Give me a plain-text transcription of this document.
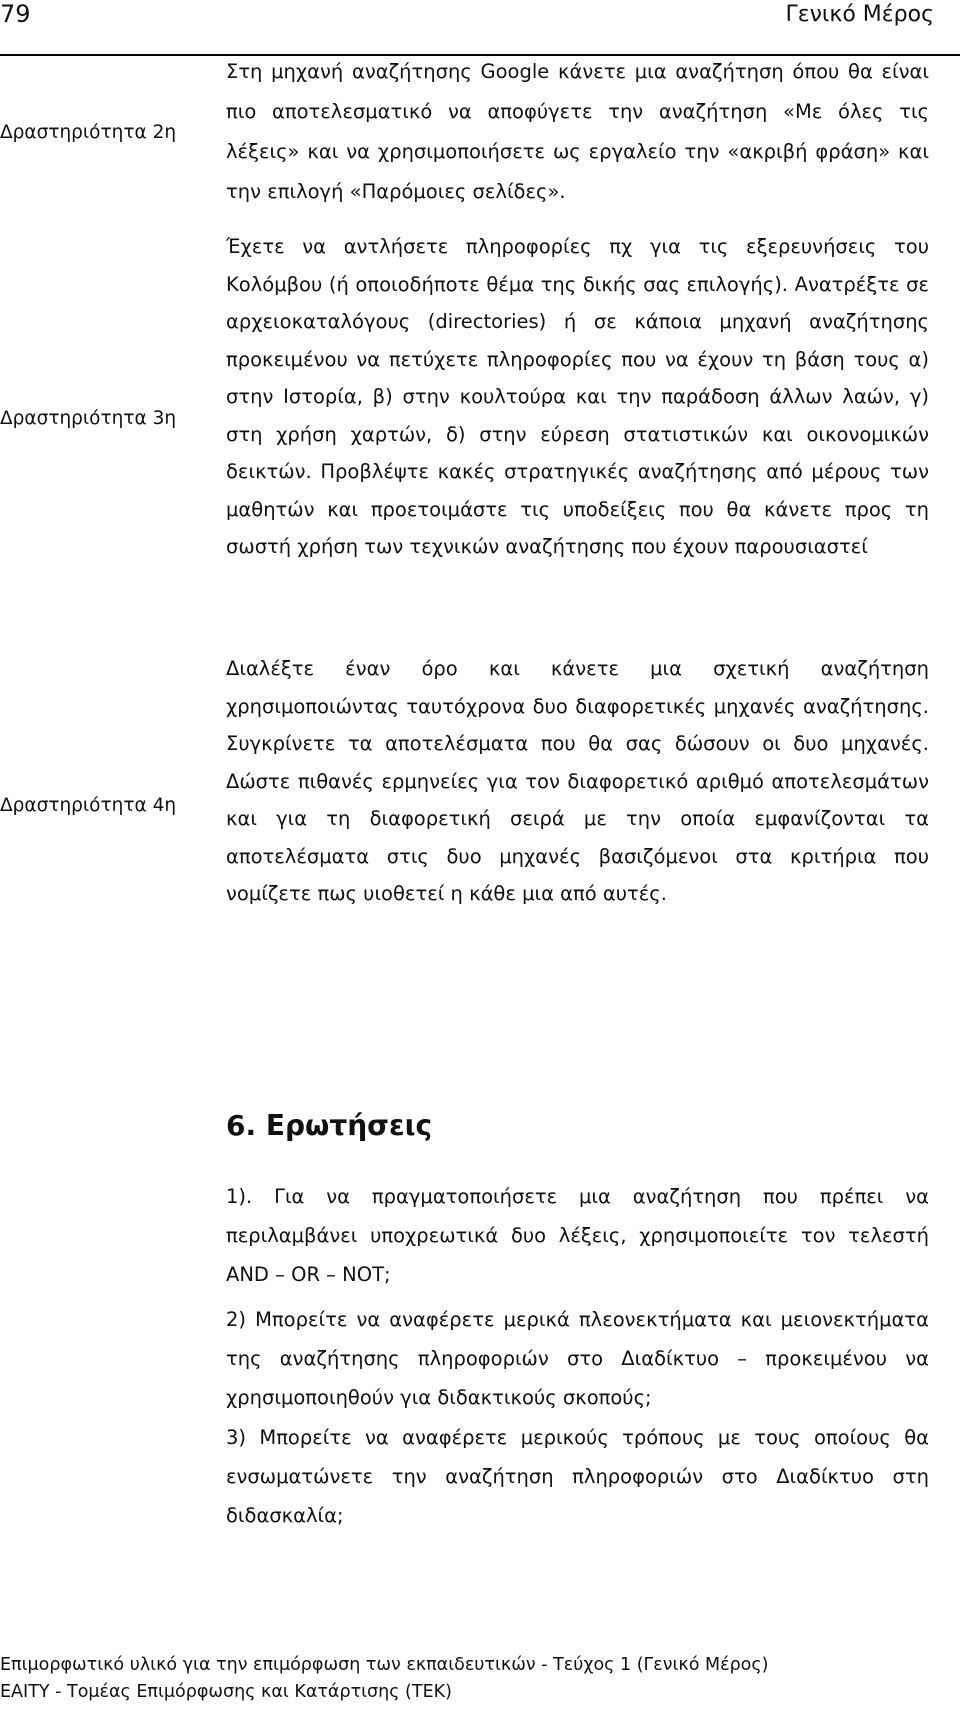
79	Γενικό Μέρος
Δραστηριότητα 2η

Στη μηχανή αναζήτησης Google κάνετε μια αναζήτηση όπου θα είναι πιο αποτελεσματικό να αποφύγετε την αναζήτηση «Με όλες τις λέξεις» και να χρησιμοποιήσετε ως εργαλείο την «ακριβή φράση» και την επιλογή «Παρόμοιες σελίδες».

Δραστηριότητα 3η

Έχετε να αντλήσετε πληροφορίες πχ για τις εξερευνήσεις του Κολόμβου (ή οποιοδήποτε θέμα της δικής σας επιλογής). Ανατρέξτε σε αρχειοκαταλόγους (directories) ή σε κάποια μηχανή αναζήτησης προκειμένου να πετύχετε πληροφορίες που να έχουν τη βάση τους α) στην Ιστορία, β) στην κουλτούρα και την παράδοση άλλων λαών, γ) στη χρήση χαρτών, δ) στην εύρεση στατιστικών και οικονομικών δεικτών. Προβλέψτε κακές στρατηγικές αναζήτησης από μέρους των μαθητών και προετοιμάστε τις υποδείξεις που θα κάνετε προς τη σωστή χρήση των τεχνικών αναζήτησης που έχουν παρουσιαστεί

Δραστηριότητα 4η

Διαλέξτε έναν όρο και κάνετε μια σχετική αναζήτηση χρησιμοποιώντας ταυτόχρονα δυο διαφορετικές μηχανές αναζήτησης. Συγκρίνετε τα αποτελέσματα που θα σας δώσουν οι δυο μηχανές. Δώστε πιθανές ερμηνείες για τον διαφορετικό αριθμό αποτελεσμάτων και για τη διαφορετική σειρά με την οποία εμφανίζονται τα αποτελέσματα στις δυο μηχανές βασιζόμενοι στα κριτήρια που νομίζετε πως υιοθετεί η κάθε μια από αυτές.

6. Ερωτήσεις

1). Για να πραγματοποιήσετε μια αναζήτηση που πρέπει να περιλαμβάνει υποχρεωτικά δυο λέξεις, χρησιμοποιείτε τον τελεστή AND – OR – NOT;

2) Μπορείτε να αναφέρετε μερικά πλεονεκτήματα και μειονεκτήματα της αναζήτησης πληροφοριών στο Διαδίκτυο – προκειμένου να χρησιμοποιηθούν για διδακτικούς σκοπούς;

3) Μπορείτε να αναφέρετε μερικούς τρόπους με τους οποίους θα ενσωματώνετε την αναζήτηση πληροφοριών στο Διαδίκτυο στη διδασκαλία;

Επιμορφωτικό υλικό για την επιμόρφωση των εκπαιδευτικών - Τεύχος 1 (Γενικό Μέρος)
ΕΑΙΤΥ - Τομέας Επιμόρφωσης και Κατάρτισης (ΤΕΚ)
